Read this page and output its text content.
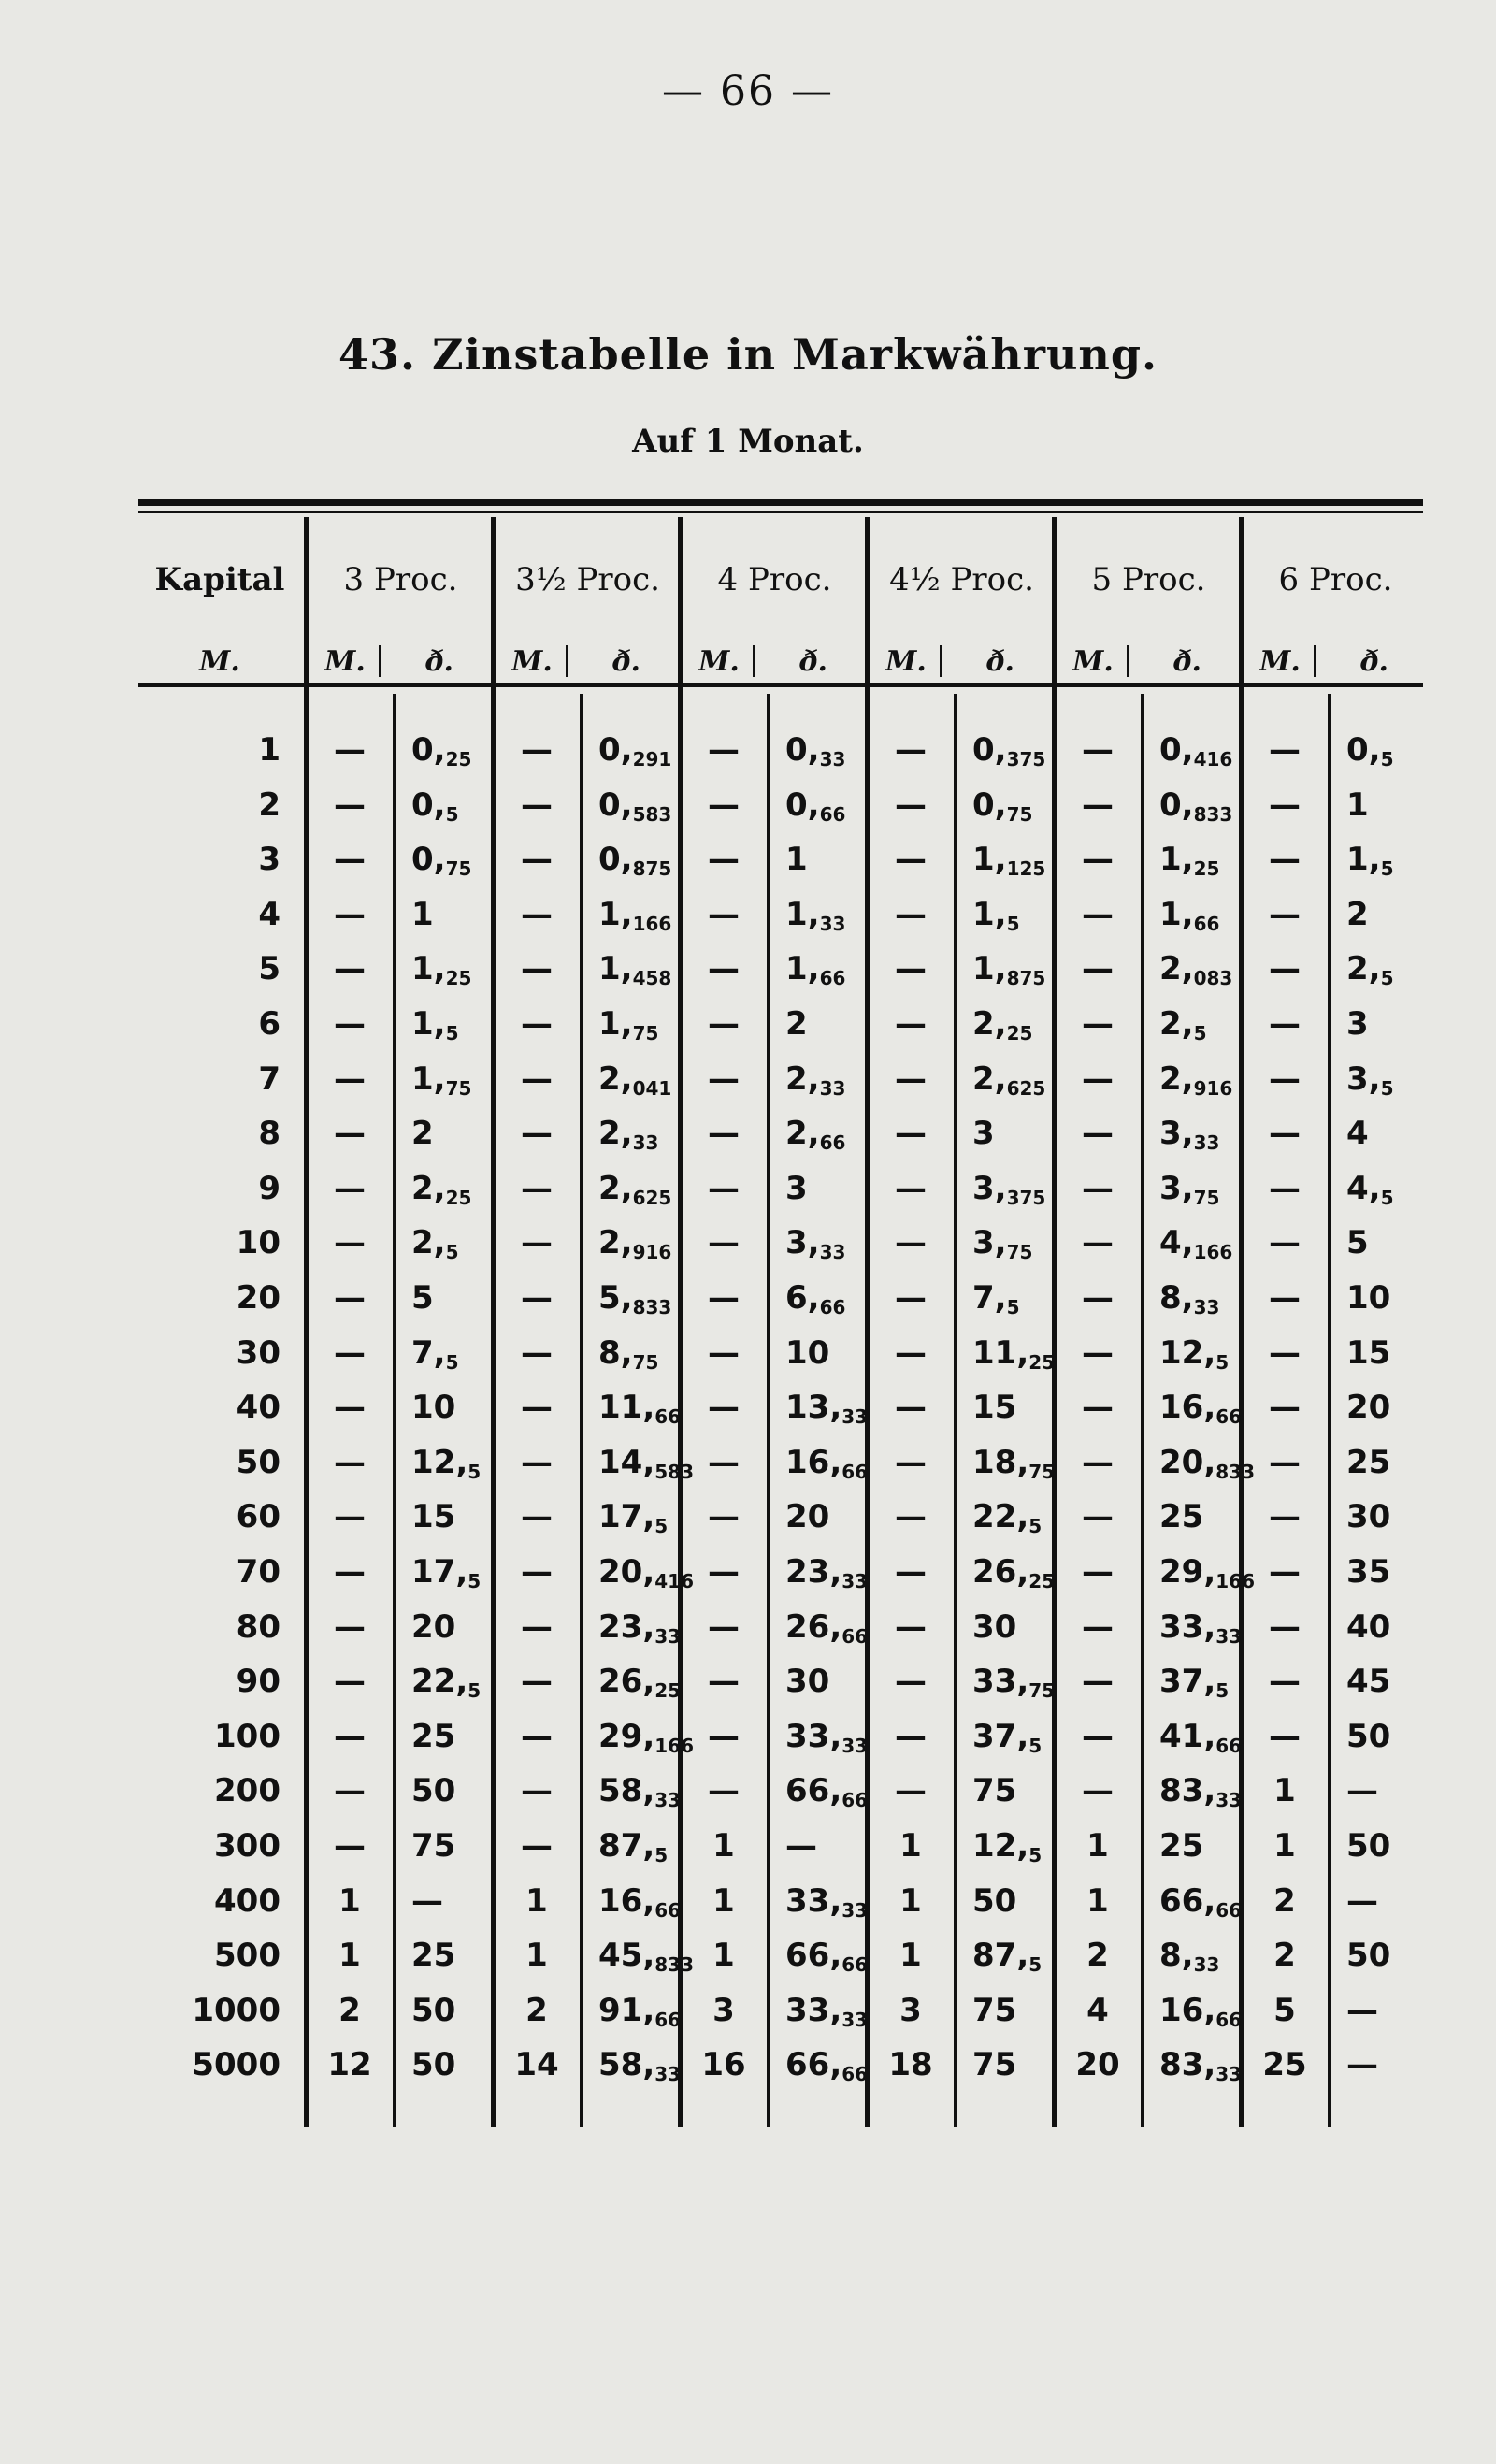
— 66 —
43. Zinstabelle in Markwährung.
Auf 1 Monat.
Kapital
M.
3 Proc.
M.	ð.
3½ Proc.
M.	ð.
4 Proc.
M.	ð.
4½ Proc.
M.	ð.
5 Proc.
M.	ð.
6 Proc.
M.	ð.
1	—	$0,_{25}$	—	$0,_{291}$	—	$0,_{33}$	—	$0,_{375}$	—	$0,_{416}$	—	$0,_5$
2	—	$0,_5$	—	$0,_{583}$	—	$0,_{66}$	—	$0,_{75}$	—	$0,_{833}$	—	1
3	—	$0,_{75}$	—	$0,_{875}$	—	1	—	$1,_{125}$	—	$1,_{25}$	—	$1,_5$
4	—	1	—	$1,_{166}$	—	$1,_{33}$	—	$1,_5$	—	$1,_{66}$	—	2
5	—	$1,_{25}$	—	$1,_{458}$	—	$1,_{66}$	—	$1,_{875}$	—	$2,_{083}$	—	$2,_5$
6	—	$1,_5$	—	$1,_{75}$	—	2	—	$2,_{25}$	—	$2,_5$	—	3
7	—	$1,_{75}$	—	$2,_{041}$	—	$2,_{33}$	—	$2,_{625}$	—	$2,_{916}$	—	$3,_5$
8	—	2	—	$2,_{33}$	—	$2,_{66}$	—	3	—	$3,_{33}$	—	4
9	—	$2,_{25}$	—	$2,_{625}$	—	3	—	$3,_{375}$	—	$3,_{75}$	—	$4,_5$
10	—	$2,_5$	—	$2,_{916}$	—	$3,_{33}$	—	$3,_{75}$	—	$4,_{166}$	—	5
20	—	5	—	$5,_{833}$	—	$6,_{66}$	—	$7,_5$	—	$8,_{33}$	—	10
30	—	$7,_5$	—	$8,_{75}$	—	10	—	$11,_{25}$ —	$12,_5$	—	15
40	—	10	—	$11,_{66}$ —	$13,_{33}$ —	15	—	$16,_{66}$ —	20
50	—	$12,_5$	—	$14,_{583}$ —	$16,_{66}$ —	$18,_{75}$ —	$20,_{833}$ —	25
60	—	15	—	$17,_5$	—	20	—	$22,_5$	—	25	—	30
70	—	$17,_5$	—	$20,_{416}$ —	$23,_{33}$ —	$26,_{25}$ —	$29,_{166}$ —	35
80	—	20	—	$23,_{33}$ —	$26,_{66}$ —	30	—	$33,_{33}$ —	40
90	—	$22,_5$	—	$26,_{25}$ —	30	—	$33,_{75}$ —	$37,_5$	—	45
100	—	25	—	$29,_{166}$ —	$33,_{33}$ —	$37,_5$	—	$41,_{66}$ —	50
200	—	50	—	$58,_{33}$ —	$66,_{66}$ —	75	—	$83,_{33}$	1	—
300	—	75	—	$87,_5$	1	—	1	$12,_5$	1	25	1	50
400	1	—	1	$16,_{66}$	1	$33,_{33}$	1	50	1	$66,_{66}$	2	—
500	1	25	1	$45,_{833}$ 1	$66,_{66}$	1	$87,_5$	2	$8,_{33}$	2	50
1000	2	50	2	$91,_{66}$	3	$33,_{33}$	3	75	4	$16,_{66}$	5	—
5000	12	50	14	$58,_{33}$ 16	$66,_{66}$ 18	75	20	$83,_{33}$ 25	—
